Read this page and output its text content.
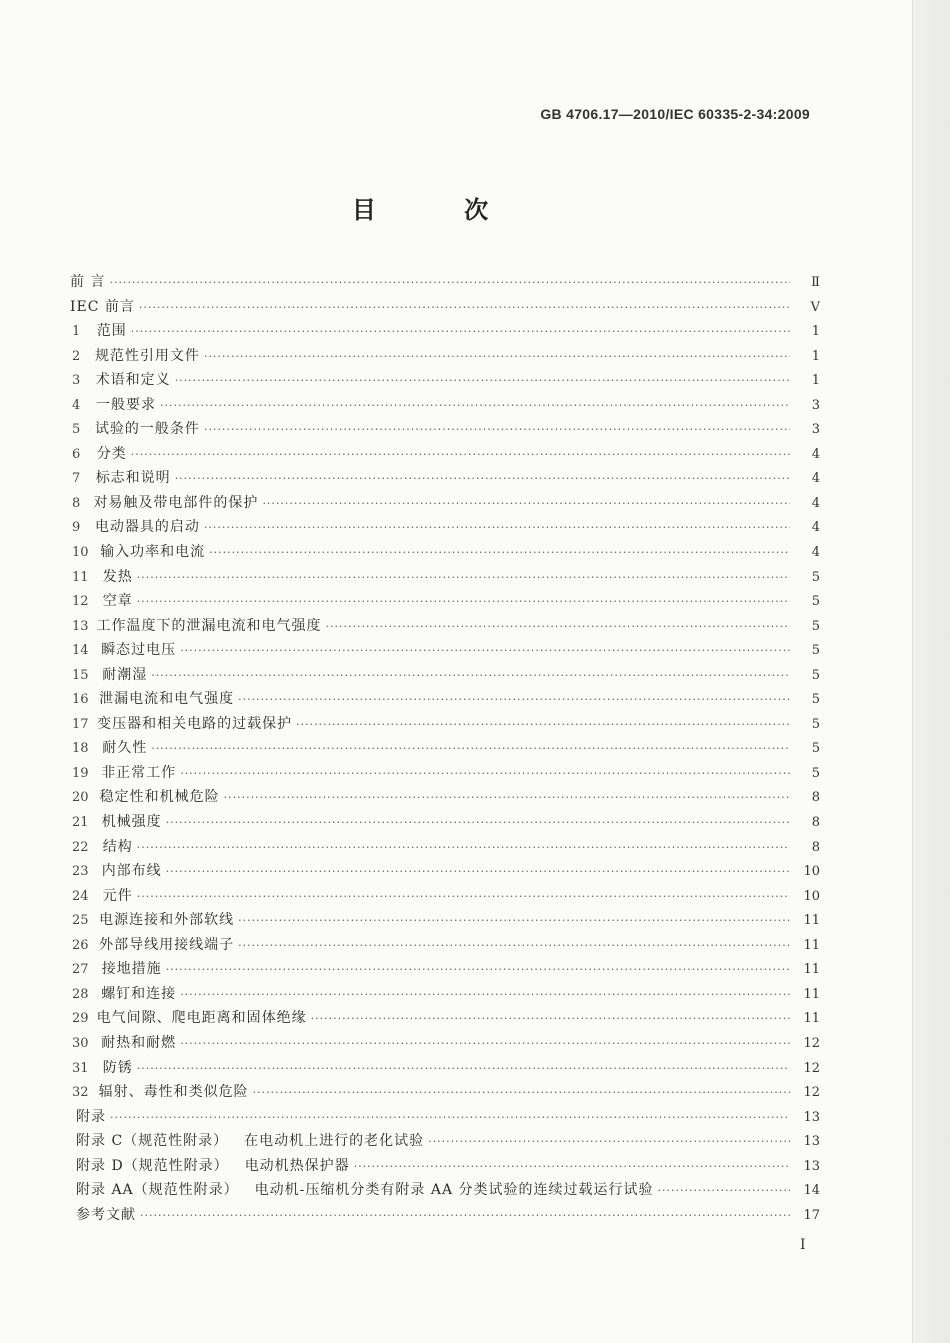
GB 4706.17—2010/IEC 60335-2-34:2009
目 次
前 言 ·····	Ⅱ
IEC 前言 ·····	Ⅴ
1	范围 ·····	1
2	规范性引用文件 ·····	1
3	术语和定义 ·····	1
4	一般要求 ·····	3
5	试验的一般条件 ·····	3
6	分类 ·····	4
7	标志和说明 ·····	4
8 对易触及带电部件的保护 ·····	4
9	电动器具的启动 ·····	4
10 输入功率和电流 ·····	4
11	发热 ·····	5
12	空章 ·····	5
13 工作温度下的泄漏电流和电气强度 ·····	5
14 瞬态过电压 ·····	5
15 耐潮湿 ·····	5
16 泄漏电流和电气强度 ·····	5
17 变压器和相关电路的过载保护 ·····	5
18 耐久性 ·····	5
19 非正常工作 ·····	5
20 稳定性和机械危险 ·····	8
21 机械强度 ·····	8
22	结构 ·····	8
23 内部布线 ·····	10
24	元件 ·····	10
25 电源连接和外部软线 ·····	11
26 外部导线用接线端子 ·····	11
27 接地措施 ·····	11
28 螺钉和连接 ·····	11
29 电气间隙、爬电距离和固体绝缘 ·····	11
30 耐热和耐燃 ·····	12
31	防锈 ·····	12
32 辐射、毒性和类似危险 ·····	12
附录 ·····	13
附录 C（规范性附录） 在电动机上进行的老化试验 ·····	13
附录 D（规范性附录） 电动机热保护器 ·····	13
附录 AA（规范性附录） 电动机-压缩机分类有附录 AA 分类试验的连续过载运行试验 ·····	14
参考文献 ·····	17
I
